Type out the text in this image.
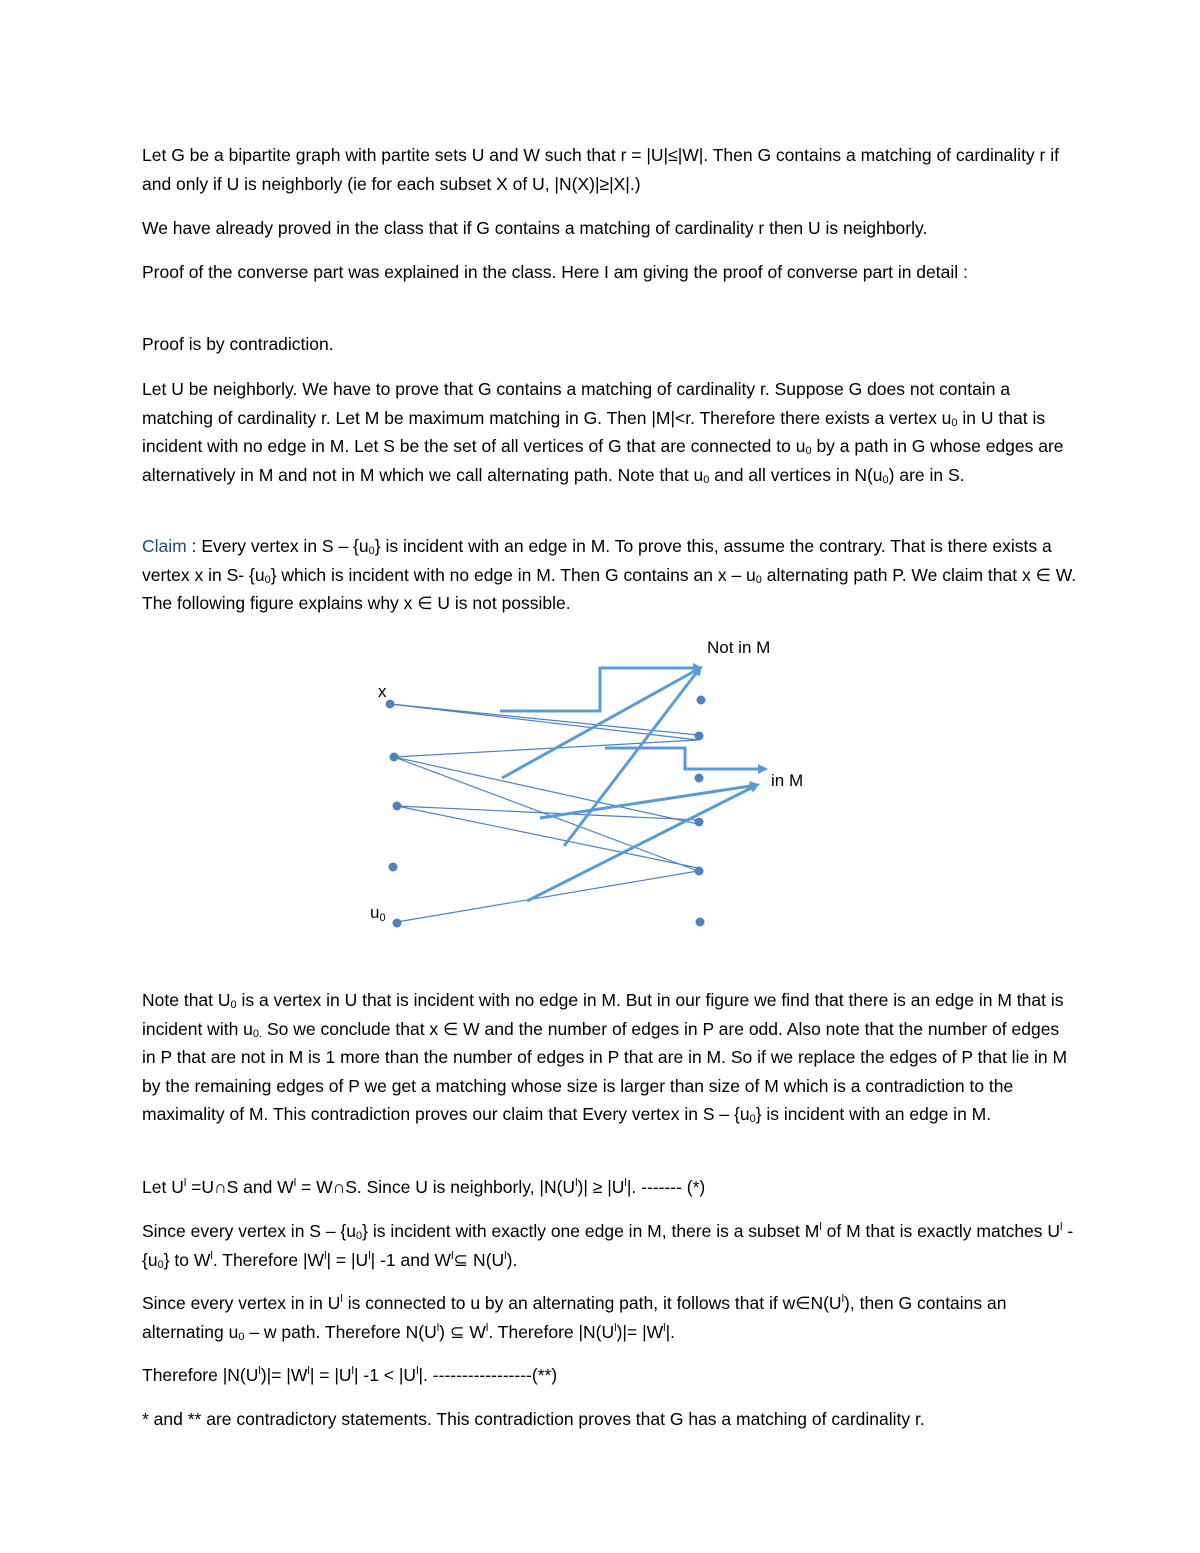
Let G be a bipartite graph with partite sets U and W such that r = |U|≤|W|. Then G contains a matching of cardinality r if and only if U is neighborly (ie for each subset X of U, |N(X)|≥|X|.)

We have already proved in the class that if G contains a matching of cardinality r then U is neighborly.

Proof of the converse part was explained in the class. Here I am giving the proof of converse part in detail :

Proof is by contradiction.

Let U be neighborly. We have to prove that G contains a matching of cardinality r. Suppose G does not contain a matching of cardinality r. Let M be maximum matching in G. Then |M|<r. Therefore there exists a vertex $u_0$ in U that is incident with no edge in M. Let S be the set of all vertices of G that are connected to $u_0$ by a path in G whose edges are alternatively in M and not in M which we call alternating path. Note that $u_0$ and all vertices in $N(u_0)$ are in S.

Claim : Every vertex in S – $\{u_0\}$ is incident with an edge in M. To prove this, assume the contrary. That is there exists a vertex x in S- $\{u_0\}$ which is incident with no edge in M. Then G contains an x – $u_0$ alternating path P. We claim that x ∈ W. The following figure explains why x ∈ U is not possible.

Not in M
in M
x
u0

Note that $U_0$ is a vertex in U that is incident with no edge in M. But in our figure we find that there is an edge in M that is incident with $u_{0.}$ So we conclude that x ∈ W and the number of edges in P are odd. Also note that the number of edges in P that are not in M is 1 more than the number of edges in P that are in M. So if we replace the edges of P that lie in M by the remaining edges of P we get a matching whose size is larger than size of M which is a contradiction to the maximality of M. This contradiction proves our claim that Every vertex in S – $\{u_0\}$ is incident with an edge in M.

Let $U^l$ =U∩S and $W^l$ = W∩S. Since U is neighborly, $|N(U^l)| \ge |U^l|$. ------- (*)

Since every vertex in S – $\{u_0\}$ is incident with exactly one edge in M, there is a subset $M^l$ of M that is exactly matches $U^l - \{u_0\}$ to $W^l$. Therefore $|W^l| = |U^l|$ -1 and $W^l⊆$ $N(U^l)$.

Since every vertex in in $U^l$ is connected to u by an alternating path, it follows that if $w\in N(U^l)$, then G contains an alternating $u_0$ – w path. Therefore $N(U^l)$ ⊆ $W^l$. Therefore $|N(U^l)|= |W^l|$.

Therefore $|N(U^l)|= |W^l| = |U^l|$ $-1 < |U^l|$. -----------------(**)

* and ** are contradictory statements. This contradiction proves that G has a matching of cardinality r.
